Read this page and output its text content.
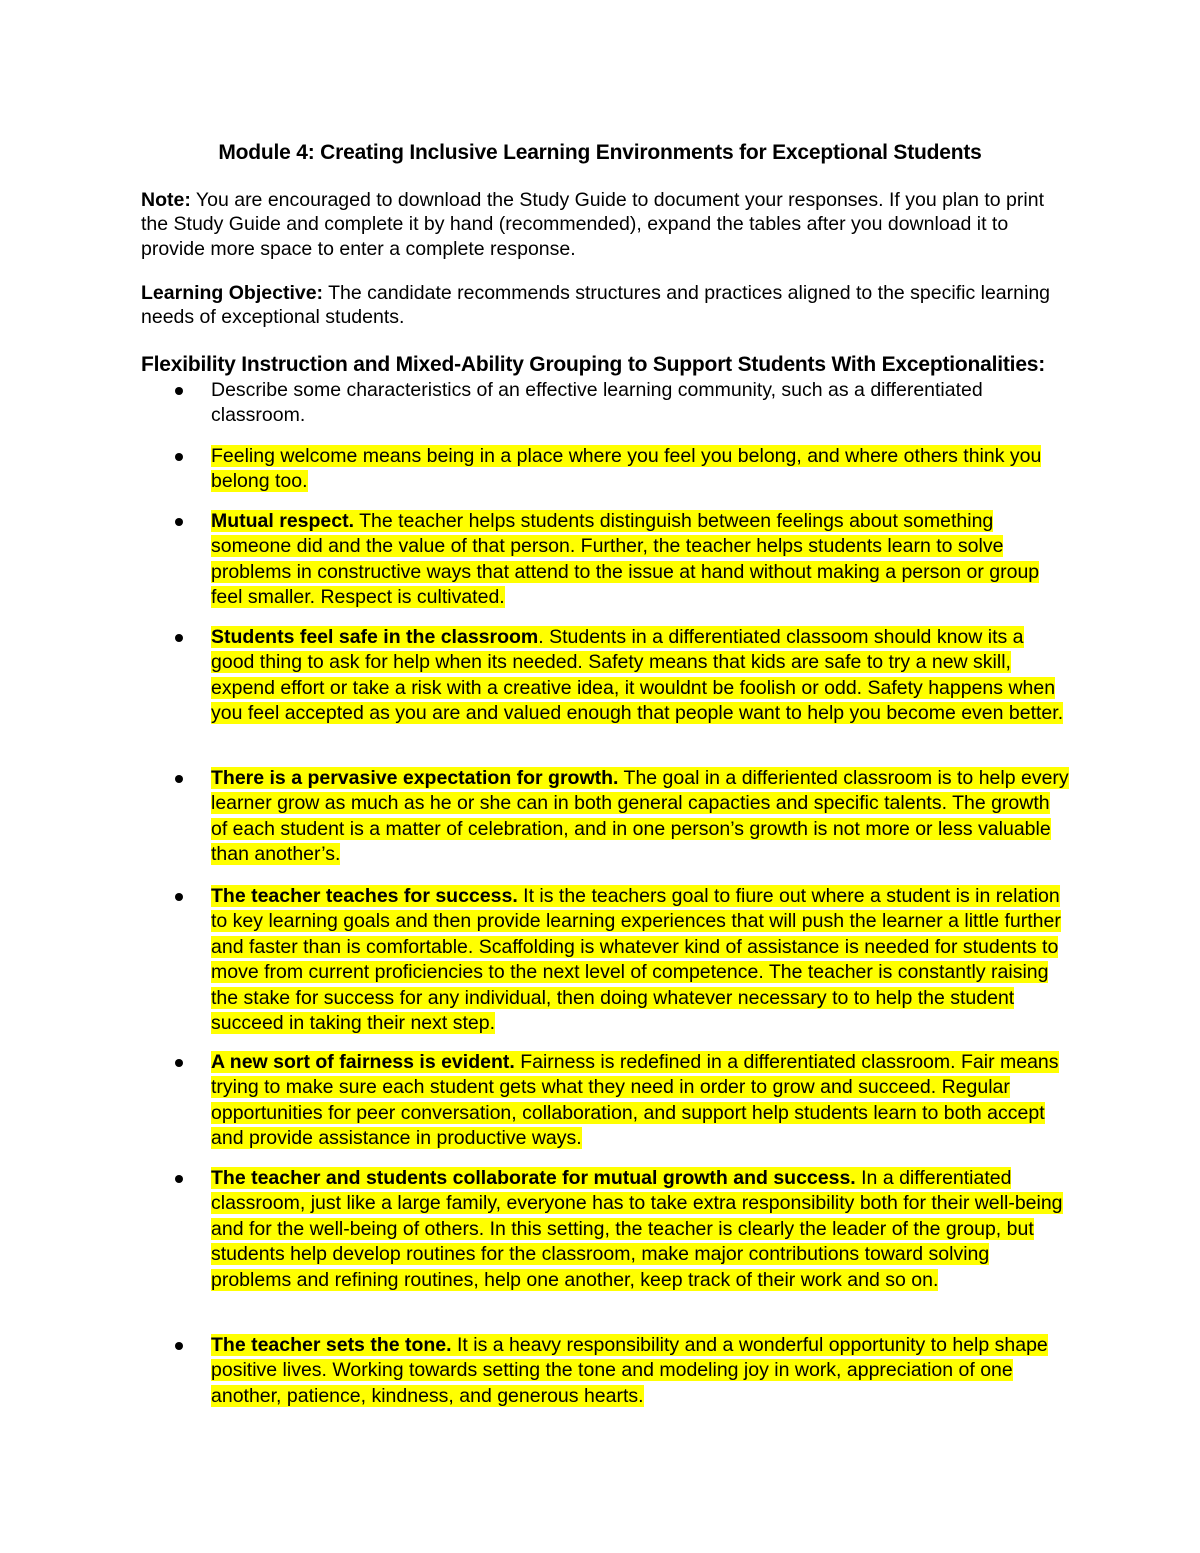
Module 4: Creating Inclusive Learning Environments for Exceptional Students
Note: You are encouraged to download the Study Guide to document your responses. If you plan to print the Study Guide and complete it by hand (recommended), expand the tables after you download it to provide more space to enter a complete response.
Learning Objective: The candidate recommends structures and practices aligned to the specific learning needs of exceptional students.
Flexibility Instruction and Mixed-Ability Grouping to Support Students With Exceptionalities:
Describe some characteristics of an effective learning community, such as a differentiated classroom.
Feeling welcome means being in a place where you feel you belong, and where others think you belong too.
Mutual respect. The teacher helps students distinguish between feelings about something someone did and the value of that person. Further, the teacher helps students learn to solve problems in constructive ways that attend to the issue at hand without making a person or group feel smaller. Respect is cultivated.
Students feel safe in the classroom. Students in a differentiated classoom should know its a good thing to ask for help when its needed. Safety means that kids are safe to try a new skill, expend effort or take a risk with a creative idea, it wouldnt be foolish or odd. Safety happens when you feel accepted as you are and valued enough that people want to help you become even better.
There is a pervasive expectation for growth. The goal in a differiented classroom is to help every learner grow as much as he or she can in both general capacties and specific talents. The growth of each student is a matter of celebration, and in one person’s growth is not more or less valuable than another’s.
The teacher teaches for success. It is the teachers goal to fiure out where a student is in relation to key learning goals and then provide learning experiences that will push the learner a little further and faster than is comfortable. Scaffolding is whatever kind of assistance is needed for students to move from current proficiencies to the next level of competence. The teacher is constantly raising the stake for success for any individual, then doing whatever necessary to to help the student succeed in taking their next step.
A new sort of fairness is evident. Fairness is redefined in a differentiated classroom. Fair means trying to make sure each student gets what they need in order to grow and succeed. Regular opportunities for peer conversation, collaboration, and support help students learn to both accept and provide assistance in productive ways.
The teacher and students collaborate for mutual growth and success. In a differentiated classroom, just like a large family, everyone has to take extra responsibility both for their well-being and for the well-being of others. In this setting, the teacher is clearly the leader of the group, but students help develop routines for the classroom, make major contributions toward solving problems and refining routines, help one another, keep track of their work and so on.
The teacher sets the tone. It is a heavy responsibility and a wonderful opportunity to help shape positive lives. Working towards setting the tone and modeling joy in work, appreciation of one another, patience, kindness, and generous hearts.
